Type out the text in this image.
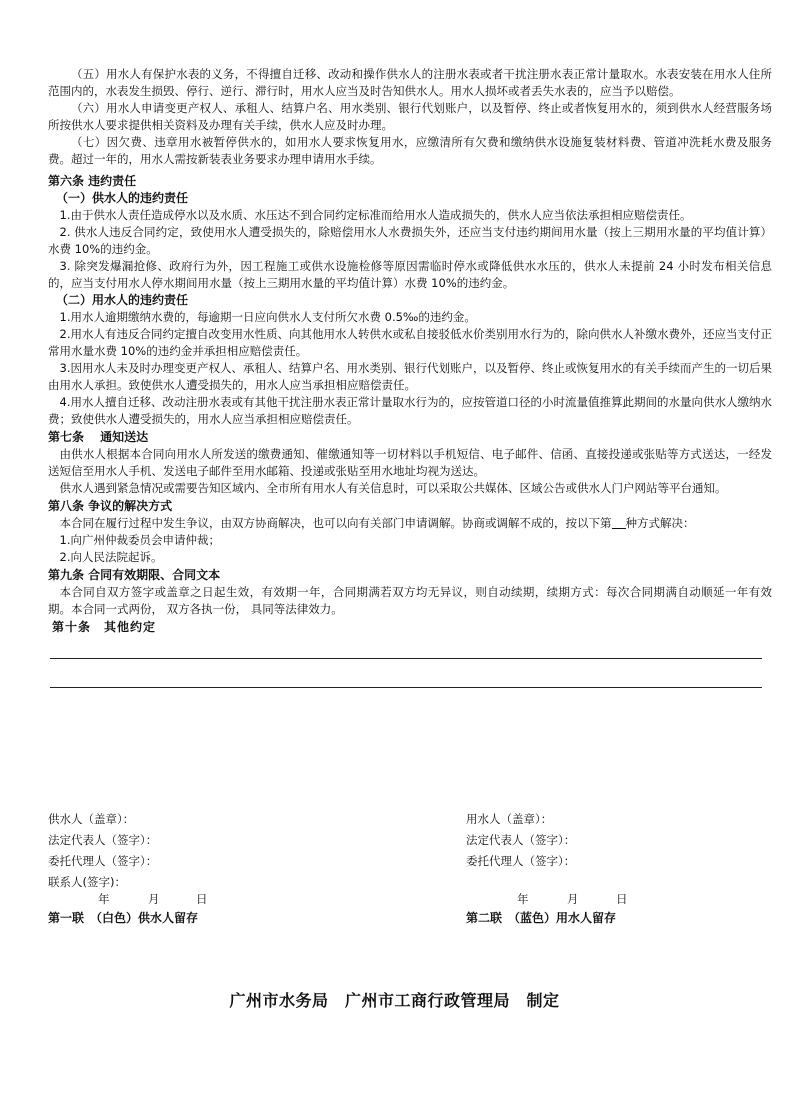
（五）用水人有保护水表的义务，不得擅自迁移、改动和操作供水人的注册水表或者干扰注册水表正常计量取水。水表安装在用水人住所范围内的，水表发生损毁、停行、逆行、滞行时，用水人应当及时告知供水人。用水人损坏或者丢失水表的，应当予以赔偿。

（六）用水人申请变更产权人、承租人、结算户名、用水类别、银行代划账户，以及暂停、终止或者恢复用水的，须到供水人经营服务场所按供水人要求提供相关资料及办理有关手续，供水人应及时办理。

（七）因欠费、违章用水被暂停供水的，如用水人要求恢复用水，应缴清所有欠费和缴纳供水设施复装材料费、管道冲洗耗水费及服务费。超过一年的，用水人需按新装表业务要求办理申请用水手续。

第六条 违约责任

（一）供水人的违约责任

1.由于供水人责任造成停水以及水质、水压达不到合同约定标准而给用水人造成损失的，供水人应当依法承担相应赔偿责任。

2. 供水人违反合同约定，致使用水人遭受损失的，除赔偿用水人水费损失外，还应当支付违约期间用水量（按上三期用水量的平均值计算）水费 10%的违约金。

3. 除突发爆漏抢修、政府行为外，因工程施工或供水设施检修等原因需临时停水或降低供水水压的，供水人未提前 24 小时发布相关信息的，应当支付用水人停水期间用水量（按上三期用水量的平均值计算）水费 10%的违约金。

（二）用水人的违约责任

1.用水人逾期缴纳水费的，每逾期一日应向供水人支付所欠水费 0.5‰的违约金。

2.用水人有违反合同约定擅自改变用水性质、向其他用水人转供水或私自接驳低水价类别用水行为的，除向供水人补缴水费外，还应当支付正常用水量水费 10%的违约金并承担相应赔偿责任。

3.因用水人未及时办理变更产权人、承租人、结算户名、用水类别、银行代划账户，以及暂停、终止或恢复用水的有关手续而产生的一切后果由用水人承担。致使供水人遭受损失的，用水人应当承担相应赔偿责任。

4.用水人擅自迁移、改动注册水表或有其他干扰注册水表正常计量取水行为的，应按管道口径的小时流量值推算此期间的水量向供水人缴纳水费；致使供水人遭受损失的，用水人应当承担相应赔偿责任。

第七条　 通知送达

由供水人根据本合同向用水人所发送的缴费通知、催缴通知等一切材料以手机短信、电子邮件、信函、直接投递或张贴等方式送达，一经发送短信至用水人手机、发送电子邮件至用水邮箱、投递或张贴至用水地址均视为送达。

供水人遇到紧急情况或需要告知区域内、全市所有用水人有关信息时，可以采取公共媒体、区域公告或供水人门户网站等平台通知。

第八条 争议的解决方式

本合同在履行过程中发生争议，由双方协商解决，也可以向有关部门申请调解。协商或调解不成的，按以下第 种方式解决：

1.向广州仲裁委员会申请仲裁；

2.向人民法院起诉。

第九条 合同有效期限、合同文本

本合同自双方签字或盖章之日起生效，有效期一年，合同期满若双方均无异议，则自动续期，续期方式：每次合同期满自动顺延一年有效期。本合同一式两份， 双方各执一份， 具同等法律效力。

第十条　其他约定

供水人（盖章）：
法定代表人（签字）：
委托代理人（签字）：
联系人(签字)：
年	月	日
第一联　（白色）供水人留存
用水人（盖章）：
法定代表人（签字）：
委托代理人（签字）：
年	月	日
第二联　（蓝色）用水人留存
广州市水务局　广州市工商行政管理局　制定
